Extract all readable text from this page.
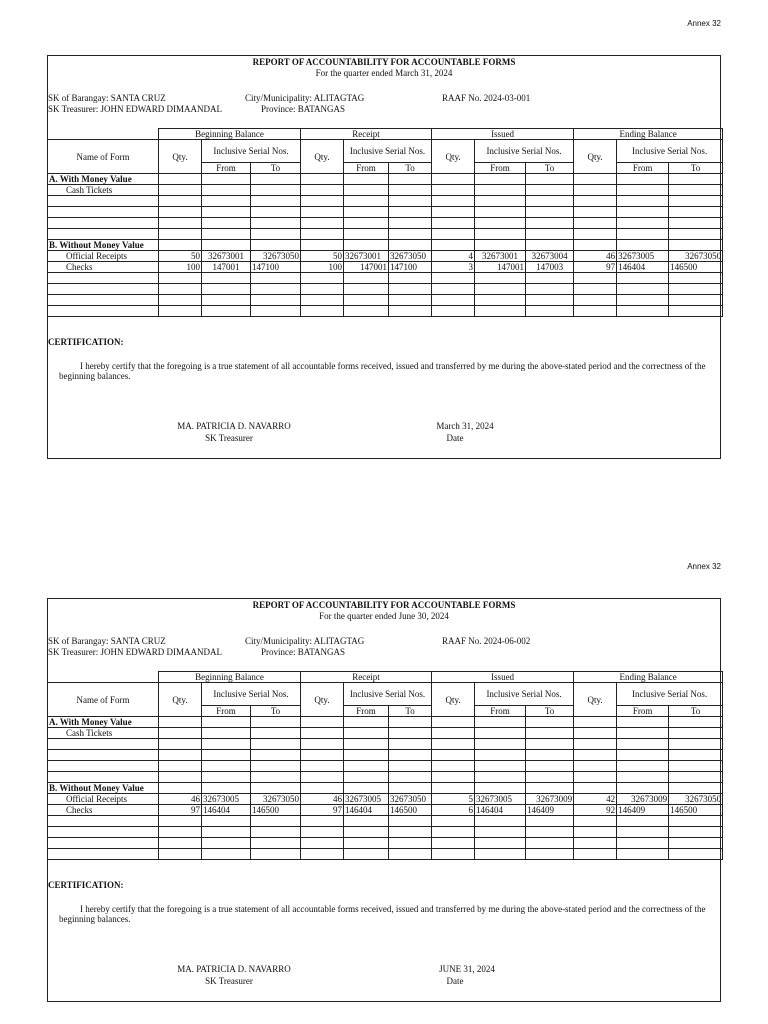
Annex 32
REPORT OF ACCOUNTABILITY FOR ACCOUNTABLE FORMS
For the quarter ended March 31, 2024
SK of Barangay: SANTA CRUZ
SK Treasurer: JOHN EDWARD DIMAANDAL
City/Municipality: ALITAGTAG
Province: BATANGAS
RAAF No. 2024-03-001
	Beginning Balance			Receipt			Issued			Ending Balance		
Name of Form	Qty.	Inclusive Serial Nos.		Qty.	Inclusive Serial Nos.		Qty.	Inclusive Serial Nos.		Qty.	Inclusive Serial Nos.	
		From	To		From	To		From	To		From	To
A. With Money Value												
Cash Tickets												

B. Without Money Value												
Official Receipts	50	32673001	32673050	50	32673001	32673050	4	32673001	32673004	46	32673005	32673050
Checks	100	147001	147100	100	147001	147100	3	147001	147003	97	146404	146500

CERTIFICATION:
I hereby certify that the foregoing is a true statement of all accountable forms received, issued and transferred by me during the above-stated period and the correctness of the beginning balances.
MA. PATRICIA D. NAVARRO
SK Treasurer
March 31, 2024
Date
Annex 32
REPORT OF ACCOUNTABILITY FOR ACCOUNTABLE FORMS
For the quarter ended June 30, 2024
SK of Barangay: SANTA CRUZ
SK Treasurer: JOHN EDWARD DIMAANDAL
City/Municipality: ALITAGTAG
Province: BATANGAS
RAAF No. 2024-06-002
	Beginning Balance			Receipt			Issued			Ending Balance		
Name of Form	Qty.	Inclusive Serial Nos.		Qty.	Inclusive Serial Nos.		Qty.	Inclusive Serial Nos.		Qty.	Inclusive Serial Nos.	
		From	To		From	To		From	To		From	To
A. With Money Value												
Cash Tickets												

B. Without Money Value												
Official Receipts	46	32673005	32673050	46	32673005	32673050	5	32673005	32673009	42	32673009	32673050
Checks	97	146404	146500	97	146404	146500	6	146404	146409	92	146409	146500

CERTIFICATION:
I hereby certify that the foregoing is a true statement of all accountable forms received, issued and transferred by me during the above-stated period and the correctness of the beginning balances.
MA. PATRICIA D. NAVARRO
SK Treasurer
JUNE 31, 2024
Date
